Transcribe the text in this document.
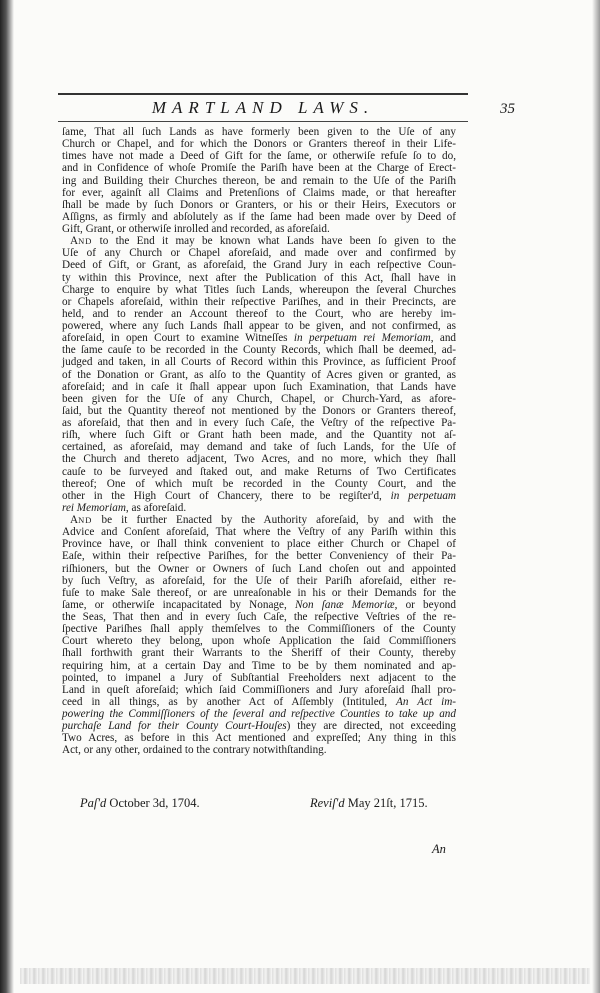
MARTLAND LAWS.	35
ſame, That all ſuch Lands as have formerly been given to the Uſe of any
Church or Chapel, and for which the Donors or Granters thereof in their Life-
times have not made a Deed of Gift for the ſame, or otherwiſe refuſe ſo to do,
and in Confidence of whoſe Promiſe the Pariſh have been at the Charge of Erect-
ing and Building their Churches thereon, be and remain to the Uſe of the Pariſh
for ever, againſt all Claims and Pretenſions of Claims made, or that hereafter
ſhall be made by ſuch Donors or Granters, or his or their Heirs, Executors or
Aſſigns, as firmly and abſolutely as if the ſame had been made over by Deed of
Gift, Grant, or otherwiſe inrolled and recorded, as aforeſaid.
AND to the End it may be known what Lands have been ſo given to the
Uſe of any Church or Chapel aforeſaid, and made over and confirmed by
Deed of Gift, or Grant, as aforeſaid, the Grand Jury in each reſpective Coun-
ty within this Province, next after the Publication of this Act, ſhall have in
Charge to enquire by what Titles ſuch Lands, whereupon the ſeveral Churches
or Chapels aforeſaid, within their reſpective Pariſhes, and in their Precincts, are
held, and to render an Account thereof to the Court, who are hereby im-
powered, where any ſuch Lands ſhall appear to be given, and not confirmed, as
aforeſaid, in open Court to examine Witneſſes in perpetuam rei Memoriam, and
the ſame cauſe to be recorded in the County Records, which ſhall be deemed, ad-
judged and taken, in all Courts of Record within this Province, as ſufficient Proof
of the Donation or Grant, as alſo to the Quantity of Acres given or granted, as
aforeſaid; and in caſe it ſhall appear upon ſuch Examination, that Lands have
been given for the Uſe of any Church, Chapel, or Church-Yard, as afore-
ſaid, but the Quantity thereof not mentioned by the Donors or Granters thereof,
as aforeſaid, that then and in every ſuch Caſe, the Veſtry of the reſpective Pa-
riſh, where ſuch Gift or Grant hath been made, and the Quantity not aſ-
certained, as aforeſaid, may demand and take of ſuch Lands, for the Uſe of
the Church and thereto adjacent, Two Acres, and no more, which they ſhall
cauſe to be ſurveyed and ſtaked out, and make Returns of Two Certificates
thereof; One of which muſt be recorded in the County Court, and the
other in the High Court of Chancery, there to be regiſter'd, in perpetuam
rei Memoriam, as aforeſaid.
AND be it further Enacted by the Authority aforeſaid, by and with the
Advice and Conſent aforeſaid, That where the Veſtry of any Pariſh within this
Province have, or ſhall think convenient to place either Church or Chapel of
Eaſe, within their reſpective Pariſhes, for the better Conveniency of their Pa-
riſhioners, but the Owner or Owners of ſuch Land choſen out and appointed
by ſuch Veſtry, as aforeſaid, for the Uſe of their Pariſh aforeſaid, either re-
fuſe to make Sale thereof, or are unreaſonable in his or their Demands for the
ſame, or otherwiſe incapacitated by Nonage, Non ſanæ Memoriæ, or beyond
the Seas, That then and in every ſuch Caſe, the reſpective Veſtries of the re-
ſpective Pariſhes ſhall apply themſelves to the Commiſſioners of the County
Court whereto they belong, upon whoſe Application the ſaid Commiſſioners
ſhall forthwith grant their Warrants to the Sheriff of their County, thereby
requiring him, at a certain Day and Time to be by them nominated and ap-
pointed, to impanel a Jury of Subſtantial Freeholders next adjacent to the
Land in queſt aforeſaid; which ſaid Commiſſioners and Jury aforeſaid ſhall pro-
ceed in all things, as by another Act of Aſſembly (Intituled, An Act im-
powering the Commiſſioners of the ſeveral and reſpective Counties to take up and
purchaſe Land for their County Court-Houſes) they are directed, not exceeding
Two Acres, as before in this Act mentioned and expreſſed; Any thing in this
Act, or any other, ordained to the contrary notwithſtanding.
Paſ'd October 3d, 1704.	Reviſ'd May 21ſt, 1715.
An
